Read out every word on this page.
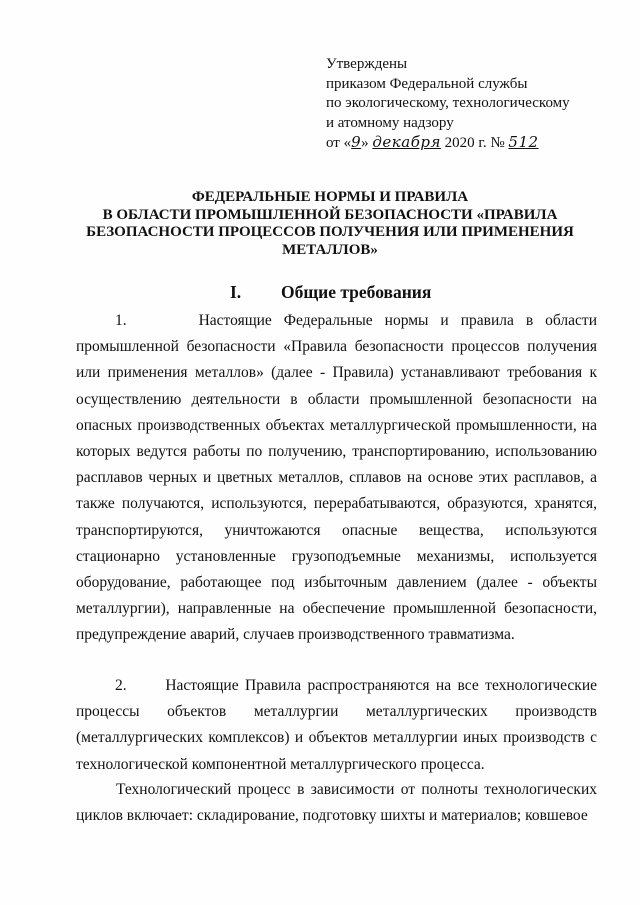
Утверждены
приказом Федеральной службы
по экологическому, технологическому
и атомному надзору
от «9» декабря 2020 г. № 512
ФЕДЕРАЛЬНЫЕ НОРМЫ И ПРАВИЛА
В ОБЛАСТИ ПРОМЫШЛЕННОЙ БЕЗОПАСНОСТИ «ПРАВИЛА
БЕЗОПАСНОСТИ ПРОЦЕССОВ ПОЛУЧЕНИЯ ИЛИ ПРИМЕНЕНИЯ
МЕТАЛЛОВ»
I. Общие требования

1.	Настоящие Федеральные нормы и правила в области промышленной безопасности «Правила безопасности процессов получения или применения металлов» (далее - Правила) устанавливают требования к осуществлению деятельности в области промышленной безопасности на опасных производственных объектах металлургической промышленности, на которых ведутся работы по получению, транспортированию, использованию расплавов черных и цветных металлов, сплавов на основе этих расплавов, а также получаются, используются, перерабатываются, образуются, хранятся, транспортируются, уничтожаются опасные вещества, используются стационарно установленные грузоподъемные механизмы, используется оборудование, работающее под избыточным давлением (далее - объекты металлургии), направленные на обеспечение промышленной безопасности, предупреждение аварий, случаев производственного травматизма.

2. Настоящие Правила распространяются на все технологические процессы объектов металлургии металлургических производств (металлургических комплексов) и объектов металлургии иных производств с технологической компонентной металлургического процесса.

Технологический процесс в зависимости от полноты технологических циклов включает: складирование, подготовку шихты и материалов; ковшевое
